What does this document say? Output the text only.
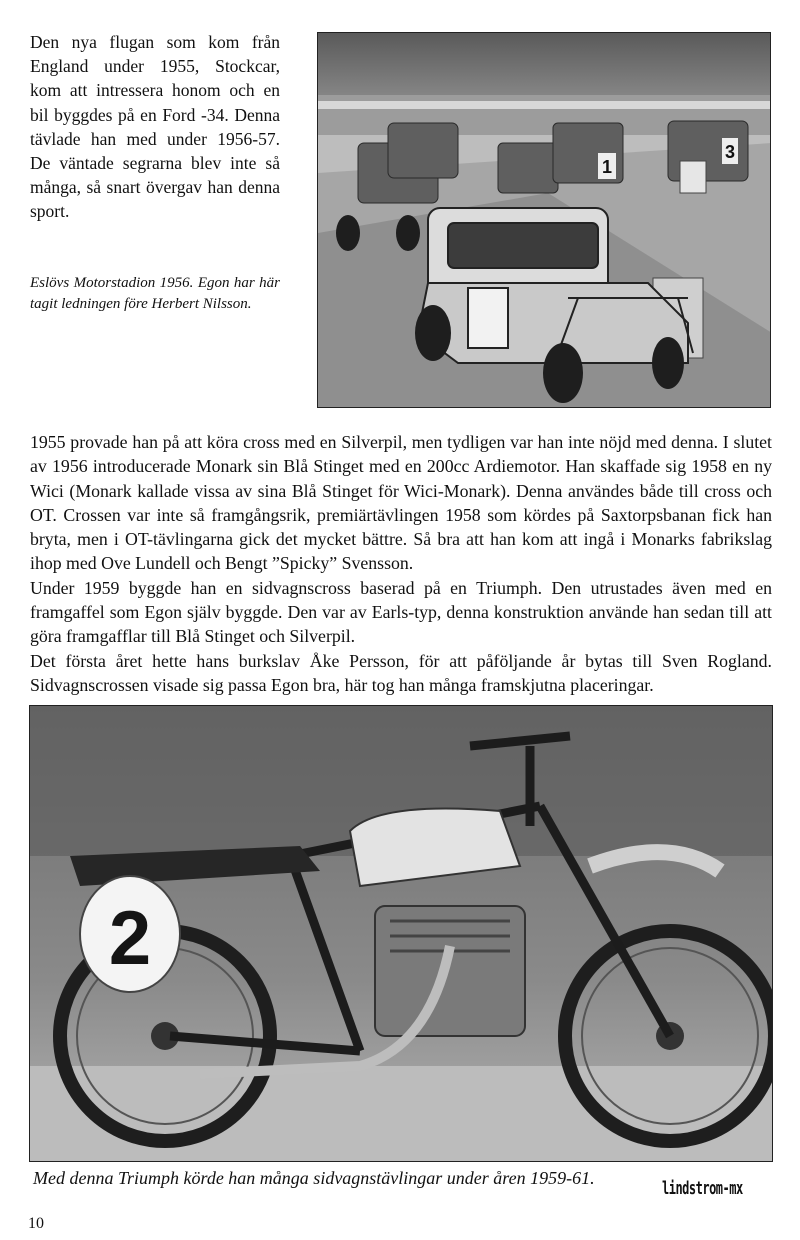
Den nya flugan som kom från England under 1955, Stockcar, kom att intressera honom och en bil byggdes på en Ford -34. Denna tävlade han med under 1956-57. De väntade segrarna blev inte så många, så snart övergav han denna sport.

Eslövs Motorstadion 1956. Egon har här tagit ledningen före Herbert Nilsson.

1
3

1955 provade han på att köra cross med en Silverpil, men tydligen var han inte nöjd med denna. I slutet av 1956 introducerade Monark sin Blå Stinget med en 200cc Ardiemotor. Han skaffade sig 1958 en ny Wici (Monark kallade vissa av sina Blå Stinget för Wici-Monark). Denna användes både till cross och OT. Crossen var inte så framgångsrik, premiärtävlingen 1958 som kördes på Saxtorpsbanan fick han bryta, men i OT-tävlingarna gick det mycket bättre. Så bra att han kom att ingå i Monarks fabrikslag ihop med Ove Lundell och Bengt ”Spicky” Svensson.

Under 1959 byggde han en sidvagnscross baserad på en Triumph. Den utrustades även med en framgaffel som Egon själv byggde. Den var av Earls-typ, denna konstruktion använde han sedan till att göra framgafflar till Blå Stinget och Silverpil.

Det första året hette hans burkslav Åke Persson, för att påföljande år bytas till Sven Rogland. Sidvagnscrossen visade sig passa Egon bra, här tog han många framskjutna placeringar.

2

Med denna Triumph körde han många sidvagnstävlingar under åren 1959-61.	lindstrom-mx

10
